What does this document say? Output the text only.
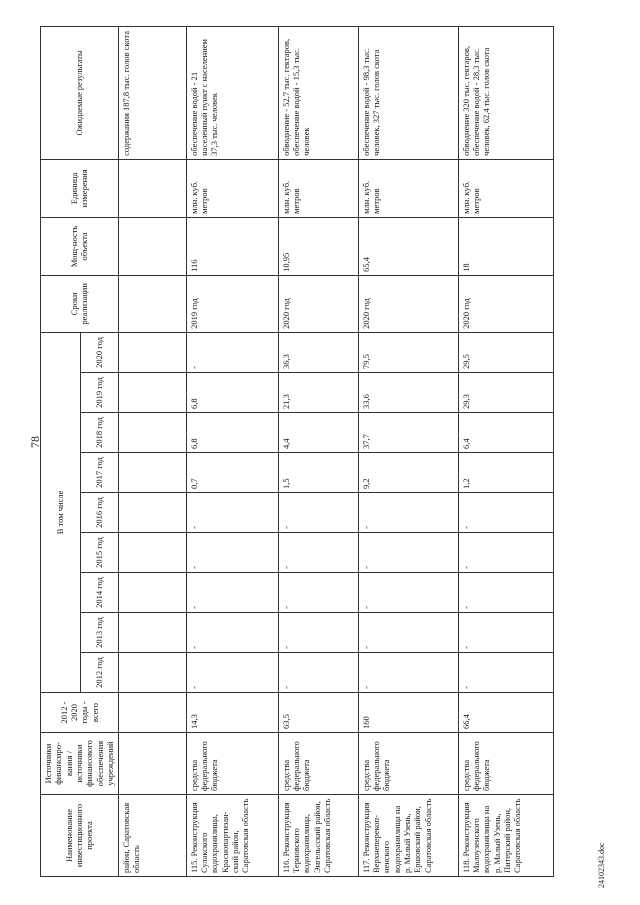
78
Наименование инвестиционного проекта	Источники финансиро-вания / источники финансового обеспечения учреждений	2012 - 2020 годы - всего	В том числе									Сроки реализации	Мощ-ность объекта	Единица измерения	Ожидаемые результаты
			2012 год	2013 год	2014 год	2015 год	2016 год	2017 год	2018 год	2019 год	2020 год				
район, Саратовская область															содержания 187,8 тыс. голов скота
115. Реконструкция Сулакского водохранилища, Краснопартизан-ский район, Саратовская область	средства федерального бюджета	14,3	-	-	-	-	-	0,7	6,8	6,8	-	2019 год	116	млн. куб. метров	обеспечение водой - 21 населенный пункт с населением 37,3 тыс. человек
116. Реконструкция Терновского водохранилища, Энгельсский район, Саратовская область	средства федерального бюджета	63,5	-	-	-	-	-	1,5	4,4	21,3	36,3	2020 год	10,95	млн. куб. метров	обводнение - 52,7 тыс. гектаров, обеспечение водой - 15,3 тыс. человек
117. Реконструкция Верхнеперекоп-ненского водохранилища на р. Малый Узень, Ершовский район, Саратовская область	средства федерального бюджета	160	-	-	-	-	-	9,2	37,7	33,6	79,5	2020 год	65,4	млн. куб. метров	обеспечение водой - 98,3 тыс. человек, 327 тыс. голов скота
118. Реконструкция Малоузенского водохранилища на р. Малый Узень, Питерский район, Саратовская область	средства федерального бюджета	66,4	-	-	-	-	-	1,2	6,4	29,3	29,5	2020 год	18	млн. куб. метров	обводнение 320 тыс. гектаров, обеспечение водой - 28,3 тыс. человек, 62,4 тыс. голов скота
24102343.doc
